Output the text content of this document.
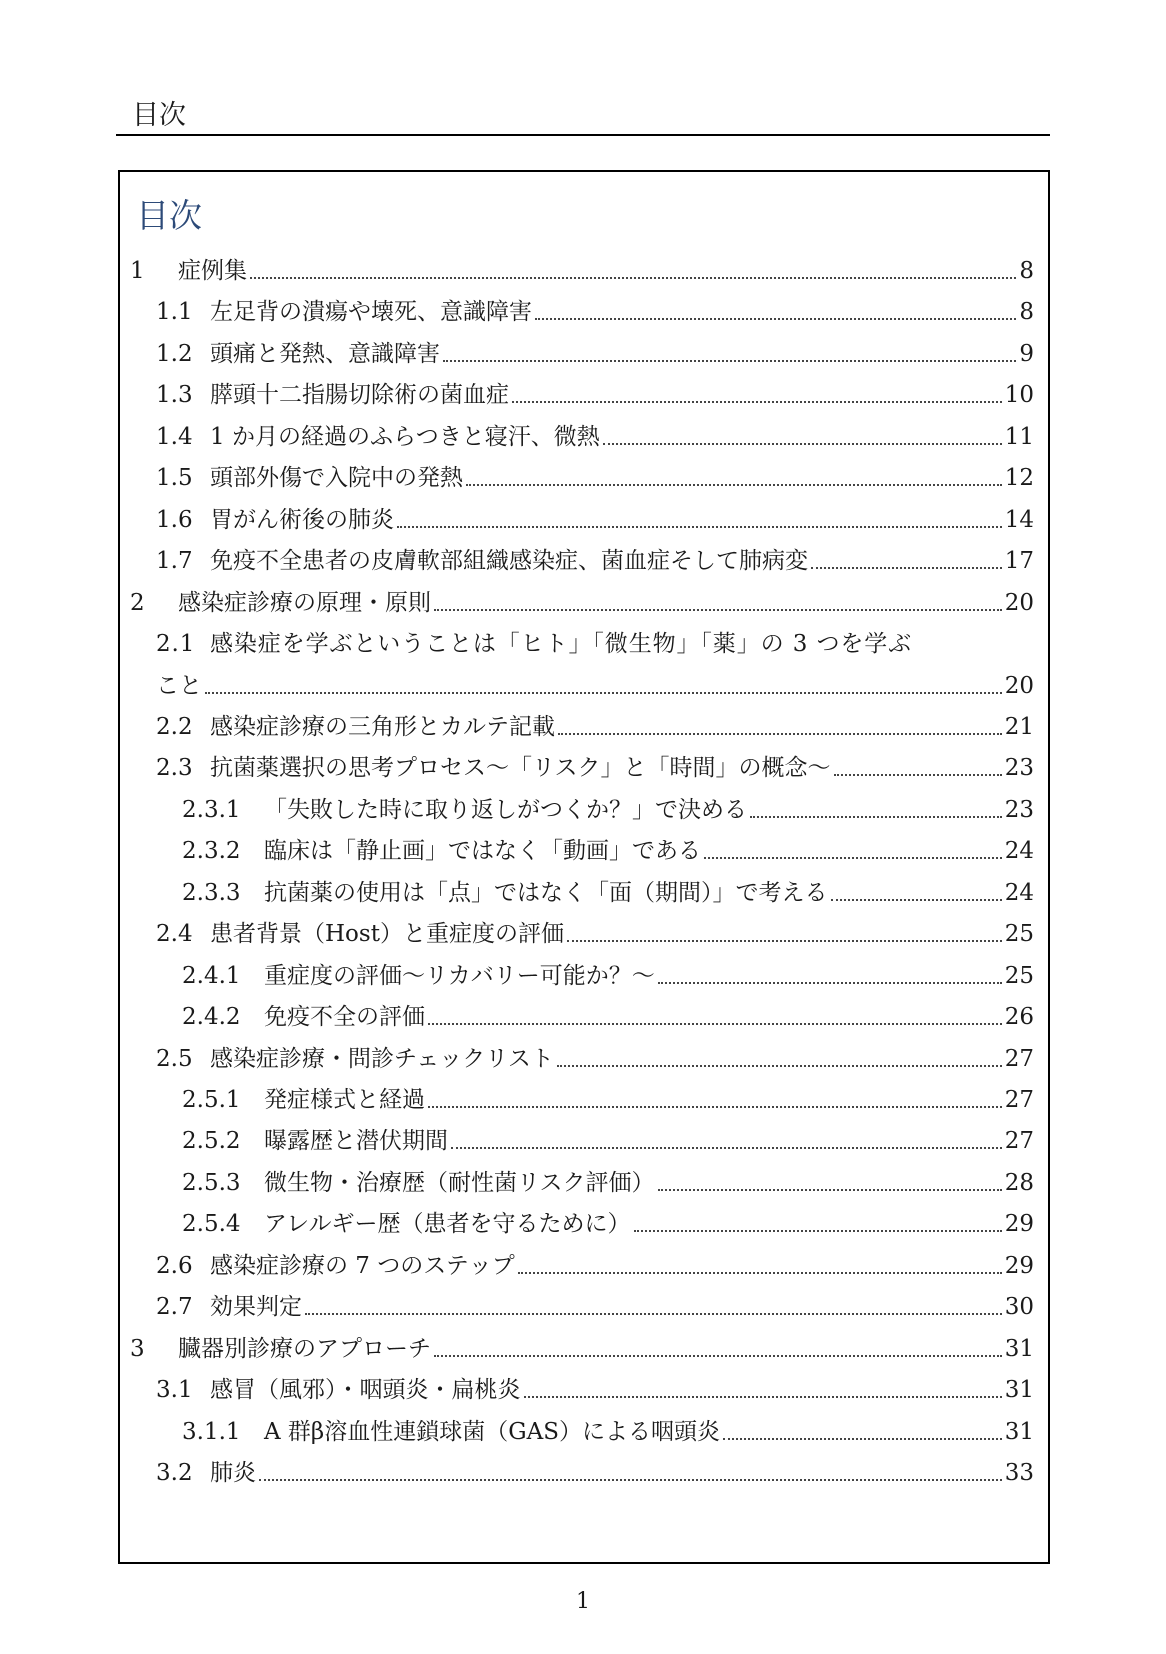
目次
目次
1	症例集	8
1.1 左足背の潰瘍や壊死、意識障害	8
1.2 頭痛と発熱、意識障害	9
1.3 膵頭十二指腸切除術の菌血症	10
1.4 1 か月の経過のふらつきと寝汗、微熱	11
1.5 頭部外傷で入院中の発熱	12
1.6 胃がん術後の肺炎	14
1.7 免疫不全患者の皮膚軟部組織感染症、菌血症そして肺病変	17
2	感染症診療の原理・原則	20
2.1 感染症を学ぶということは「ヒト」「微生物」「薬」の 3 つを学ぶ
こと	20
2.2 感染症診療の三角形とカルテ記載	21
2.3 抗菌薬選択の思考プロセス～「リスク」と「時間」の概念～	23
2.3.1	「失敗した時に取り返しがつくか？」で決める	23
2.3.2	臨床は「静止画」ではなく「動画」である	24
2.3.3	抗菌薬の使用は「点」ではなく「面（期間）」で考える	24
2.4 患者背景（Host）と重症度の評価	25
2.4.1	重症度の評価～リカバリー可能か？～	25
2.4.2	免疫不全の評価	26
2.5 感染症診療・問診チェックリスト	27
2.5.1	発症様式と経過	27
2.5.2	曝露歴と潜伏期間	27
2.5.3	微生物・治療歴（耐性菌リスク評価）	28
2.5.4	アレルギー歴（患者を守るために）	29
2.6 感染症診療の 7 つのステップ	29
2.7 効果判定	30
3	臓器別診療のアプローチ	31
3.1 感冒（風邪）・咽頭炎・扁桃炎	31
3.1.1	A 群β溶血性連鎖球菌（GAS）による咽頭炎	31
3.2 肺炎	33
1
